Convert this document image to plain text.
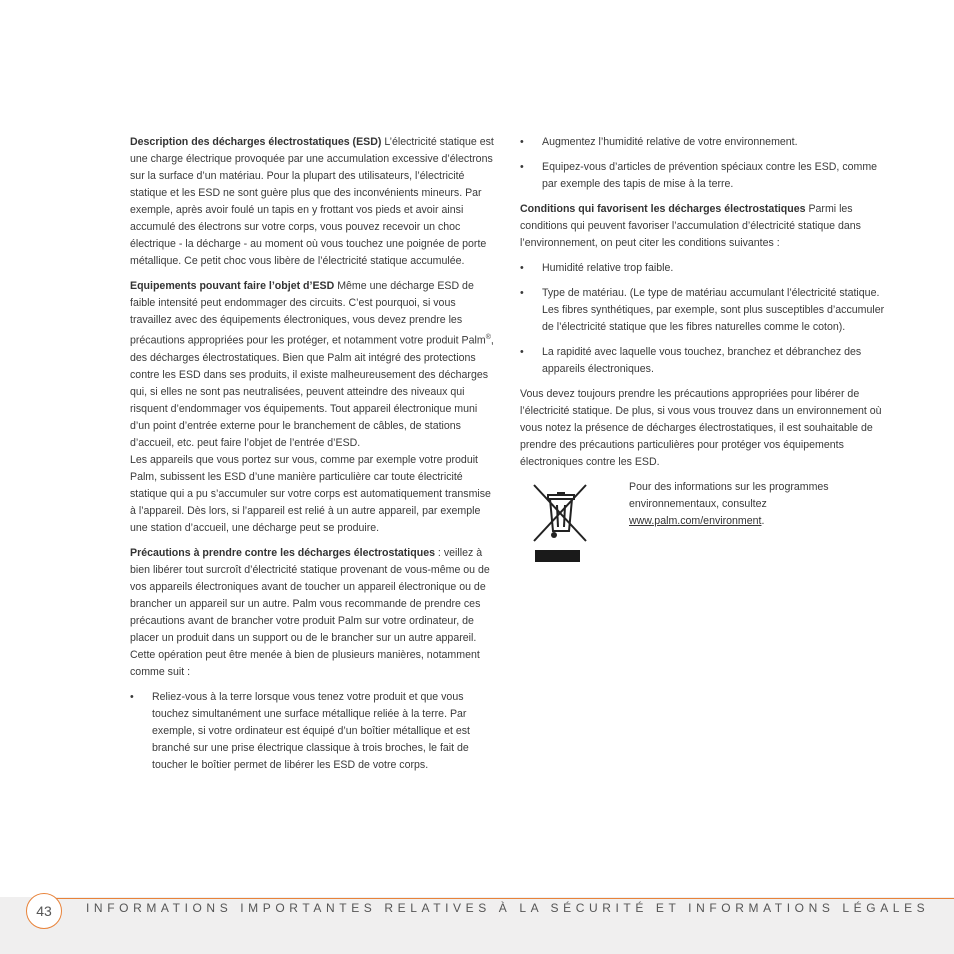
Description des décharges électrostatiques (ESD) L’électricité statique est une charge électrique provoquée par une accumulation excessive d’électrons sur la surface d’un matériau. Pour la plupart des utilisateurs, l’électricité statique et les ESD ne sont guère plus que des inconvénients mineurs. Par exemple, après avoir foulé un tapis en y frottant vos pieds et avoir ainsi accumulé des électrons sur votre corps, vous pouvez recevoir un choc électrique - la décharge - au moment où vous touchez une poignée de porte métallique. Ce petit choc vous libère de l’électricité statique accumulée.

Equipements pouvant faire l’objet d’ESD Même une décharge ESD de faible intensité peut endommager des circuits. C’est pourquoi, si vous travaillez avec des équipements électroniques, vous devez prendre les précautions appropriées pour les protéger, et notamment votre produit Palm®, des décharges électrostatiques. Bien que Palm ait intégré des protections contre les ESD dans ses produits, il existe malheureusement des décharges qui, si elles ne sont pas neutralisées, peuvent atteindre des niveaux qui risquent d’endommager vos équipements. Tout appareil électronique muni d’un point d’entrée externe pour le branchement de câbles, de stations d’accueil, etc. peut faire l’objet de l’entrée d’ESD.
Les appareils que vous portez sur vous, comme par exemple votre produit Palm, subissent les ESD d’une manière particulière car toute électricité statique qui a pu s’accumuler sur votre corps est automatiquement transmise à l’appareil. Dès lors, si l’appareil est relié à un autre appareil, par exemple une station d’accueil, une décharge peut se produire.

Précautions à prendre contre les décharges électrostatiques : veillez à bien libérer tout surcroît d’électricité statique provenant de vous-même ou de vos appareils électroniques avant de toucher un appareil électronique ou de brancher un appareil sur un autre. Palm vous recommande de prendre ces précautions avant de brancher votre produit Palm sur votre ordinateur, de placer un produit dans un support ou de le brancher sur un autre appareil. Cette opération peut être menée à bien de plusieurs manières, notamment comme suit :

• Reliez-vous à la terre lorsque vous tenez votre produit et que vous touchez simultanément une surface métallique reliée à la terre. Par exemple, si votre ordinateur est équipé d’un boîtier métallique et est branché sur une prise électrique classique à trois broches, le fait de toucher le boîtier permet de libérer les ESD de votre corps.
• Augmentez l’humidité relative de votre environnement.
• Equipez-vous d’articles de prévention spéciaux contre les ESD, comme par exemple des tapis de mise à la terre.

Conditions qui favorisent les décharges électrostatiques Parmi les conditions qui peuvent favoriser l’accumulation d’électricité statique dans l’environnement, on peut citer les conditions suivantes :

• Humidité relative trop faible.
• Type de matériau. (Le type de matériau accumulant l’électricité statique. Les fibres synthétiques, par exemple, sont plus susceptibles d’accumuler de l’électricité statique que les fibres naturelles comme le coton).
• La rapidité avec laquelle vous touchez, branchez et débranchez des appareils électroniques.

Vous devez toujours prendre les précautions appropriées pour libérer de l’électricité statique. De plus, si vous vous trouvez dans un environnement où vous notez la présence de décharges électrostatiques, il est souhaitable de prendre des précautions particulières pour protéger vos équipements électroniques contre les ESD.

Pour des informations sur les programmes environnementaux, consultez www.palm.com/environment.
43	INFORMATIONS IMPORTANTES RELATIVES À LA SÉCURITÉ ET INFORMATIONS LÉGALES
